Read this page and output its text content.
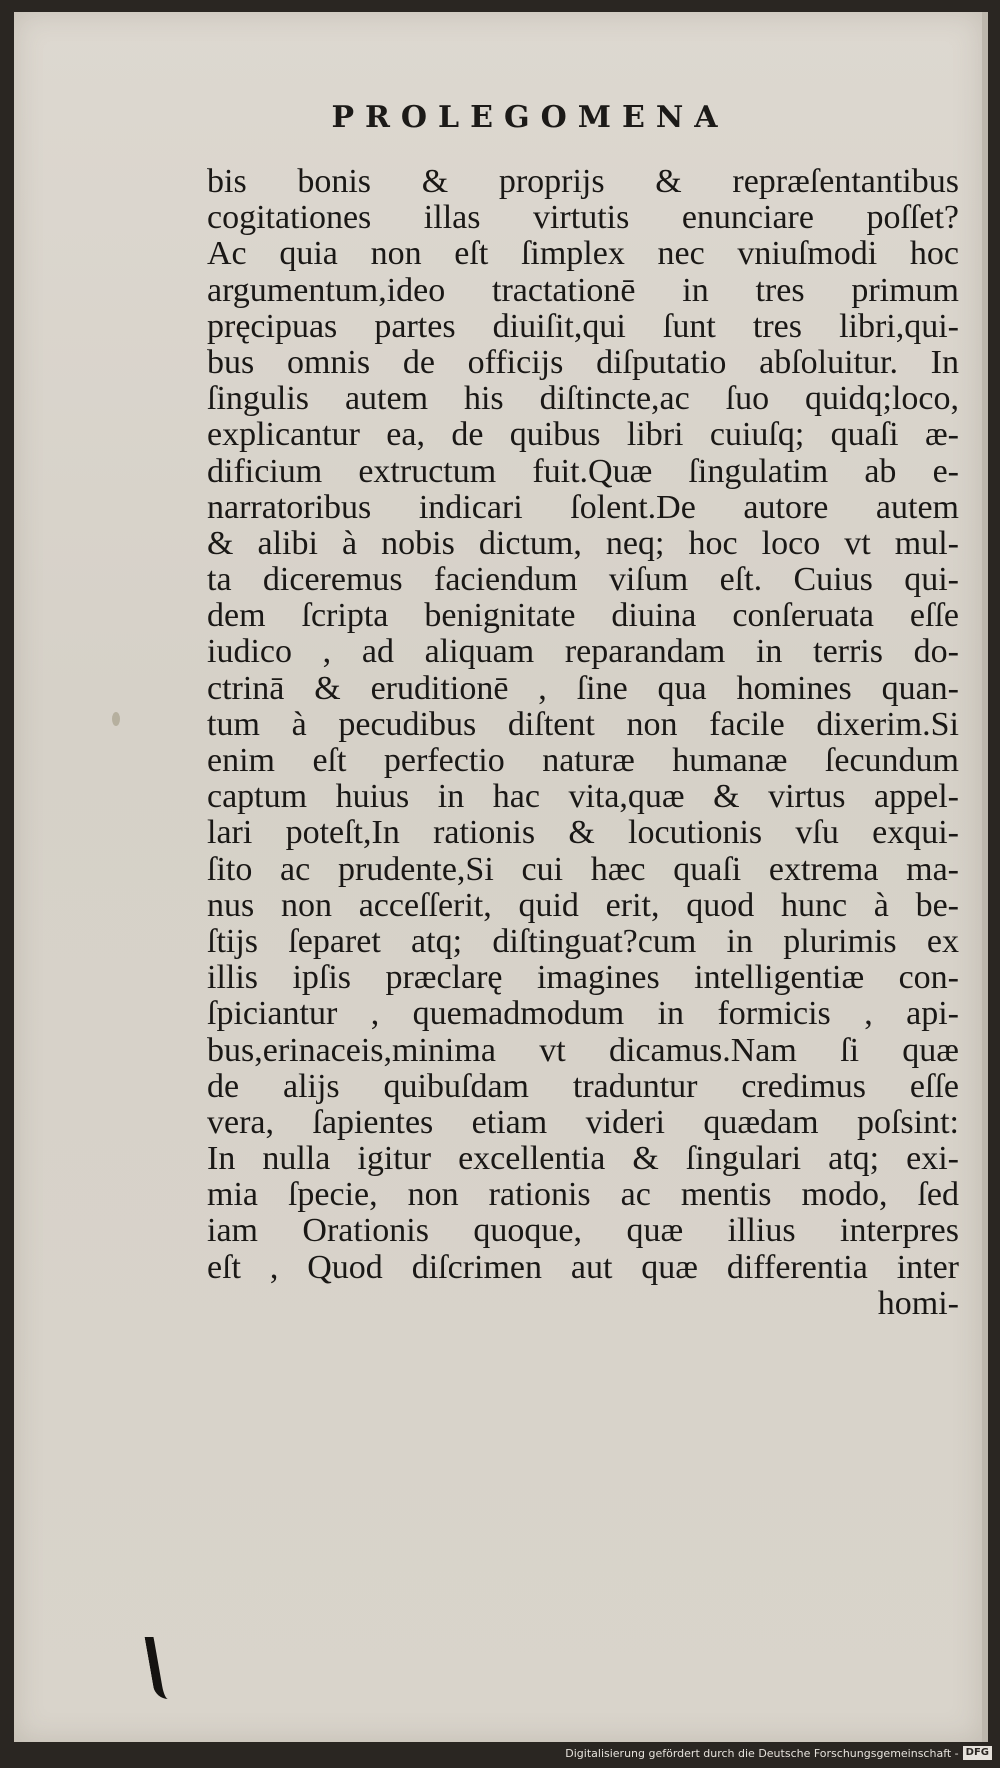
PROLEGOMENA
bis bonis & proprijs & repræſentantibus
cogitationes illas virtutis enunciare poſſet?
Ac quia non eſt ſimplex nec vniuſmodi hoc
argumentum,ideo tractationē in tres primum
pręcipuas partes diuiſit,qui ſunt tres libri,qui-
bus omnis de officijs diſputatio abſoluitur. In
ſingulis autem his diſtincte,ac ſuo quidq;loco,
explicantur ea, de quibus libri cuiuſq; quaſi æ-
dificium extructum fuit.Quæ ſingulatim ab e-
narratoribus indicari ſolent.De autore autem
& alibi à nobis dictum, neq; hoc loco vt mul-
ta diceremus faciendum viſum eſt. Cuius qui-
dem ſcripta benignitate diuina conſeruata eſſe
iudico , ad aliquam reparandam in terris do-
ctrinā & eruditionē , ſine qua homines quan-
tum à pecudibus diſtent non facile dixerim.Si
enim eſt perfectio naturæ humanæ ſecundum
captum huius in hac vita,quæ & virtus appel-
lari poteſt,In rationis & locutionis vſu exqui-
ſito ac prudente,Si cui hæc quaſi extrema ma-
nus non acceſſerit, quid erit, quod hunc à be-
ſtijs ſeparet atq; diſtinguat?cum in plurimis ex
illis ipſis præclarę imagines intelligentiæ con-
ſpiciantur , quemadmodum in formicis , api-
bus,erinaceis,minima vt dicamus.Nam ſi quæ
de alijs quibuſdam traduntur credimus eſſe
vera, ſapientes etiam videri quædam poſsint:
In nulla igitur excellentia & ſingulari atq; exi-
mia ſpecie, non rationis ac mentis modo, ſed
iam Orationis quoque, quæ illius interpres
eſt , Quod diſcrimen aut quæ differentia inter
homi-
Digitalisierung gefördert durch die Deutsche Forschungsgemeinschaft - DFG
